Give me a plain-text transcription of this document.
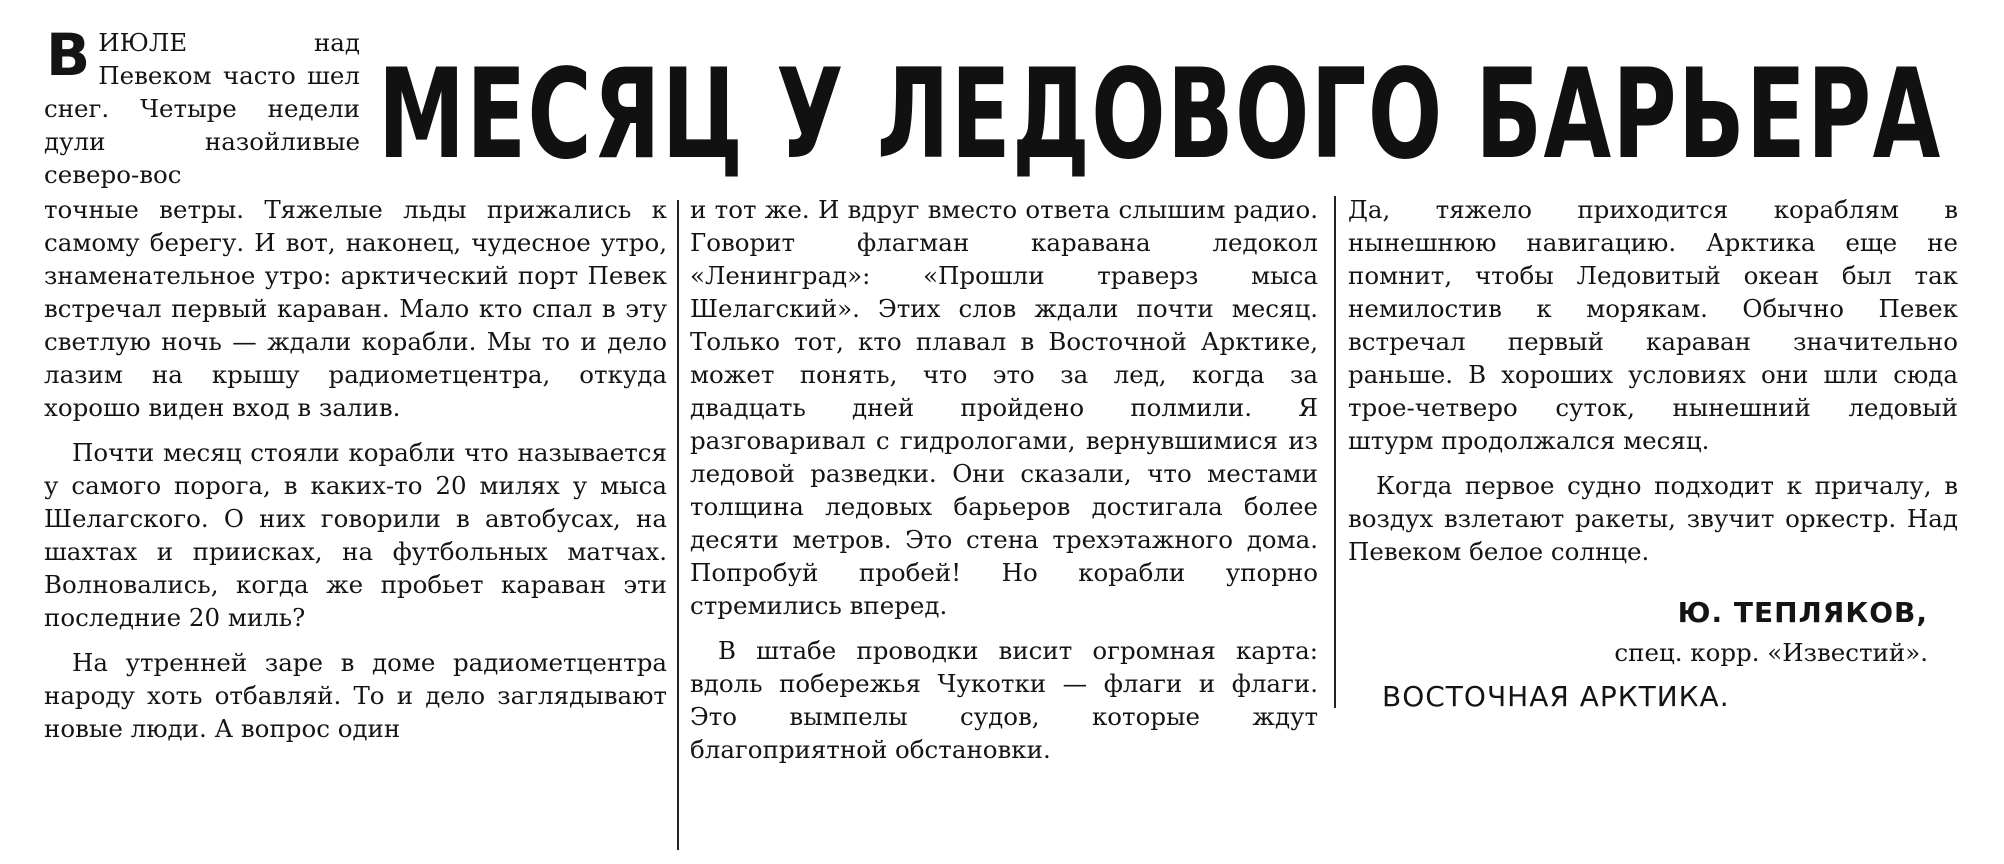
МЕСЯЦ У ЛЕДОВОГО БАРЬЕРА

В ИЮЛЕ над Певеком часто шел снег. Четыре недели дули назойливые северо-вос

точные ветры. Тяжелые льды прижались к самому берегу. И вот, наконец, чудесное утро, знаменательное утро: арктический порт Певек встречал первый караван. Мало кто спал в эту светлую ночь — ждали корабли. Мы то и дело лазим на крышу радиометцентра, откуда хорошо виден вход в залив.

Почти месяц стояли корабли что называется у самого порога, в каких-то 20 милях у мыса Шелагского. О них говорили в автобусах, на шахтах и приисках, на футбольных матчах. Волновались, когда же пробьет караван эти последние 20 миль?

На утренней заре в доме радиометцентра народу хоть отбавляй. То и дело заглядывают новые люди. А вопрос один

и тот же. И вдруг вместо ответа слышим радио. Говорит флагман каравана ледокол «Ленинград»: «Прошли траверз мыса Шелагский». Этих слов ждали почти месяц. Только тот, кто плавал в Восточной Арктике, может понять, что это за лед, когда за двадцать дней пройдено полмили. Я разговаривал с гидрологами, вернувшимися из ледовой разведки. Они сказали, что местами толщина ледовых барьеров достигала более десяти метров. Это стена трехэтажного дома. Попробуй пробей! Но корабли упорно стремились вперед.

В штабе проводки висит огромная карта: вдоль побережья Чукотки — флаги и флаги. Это вымпелы судов, которые ждут благоприятной обстановки.

Да, тяжело приходится кораблям в нынешнюю навигацию. Арктика еще не помнит, чтобы Ледовитый океан был так немилостив к морякам. Обычно Певек встречал первый караван значительно раньше. В хороших условиях они шли сюда трое-четверо суток, нынешний ледовый штурм продолжался месяц.

Когда первое судно подходит к причалу, в воздух взлетают ракеты, звучит оркестр. Над Певеком белое солнце.

Ю. ТЕПЛЯКОВ,
спец. корр. «Известий».
ВОСТОЧНАЯ АРКТИКА.
